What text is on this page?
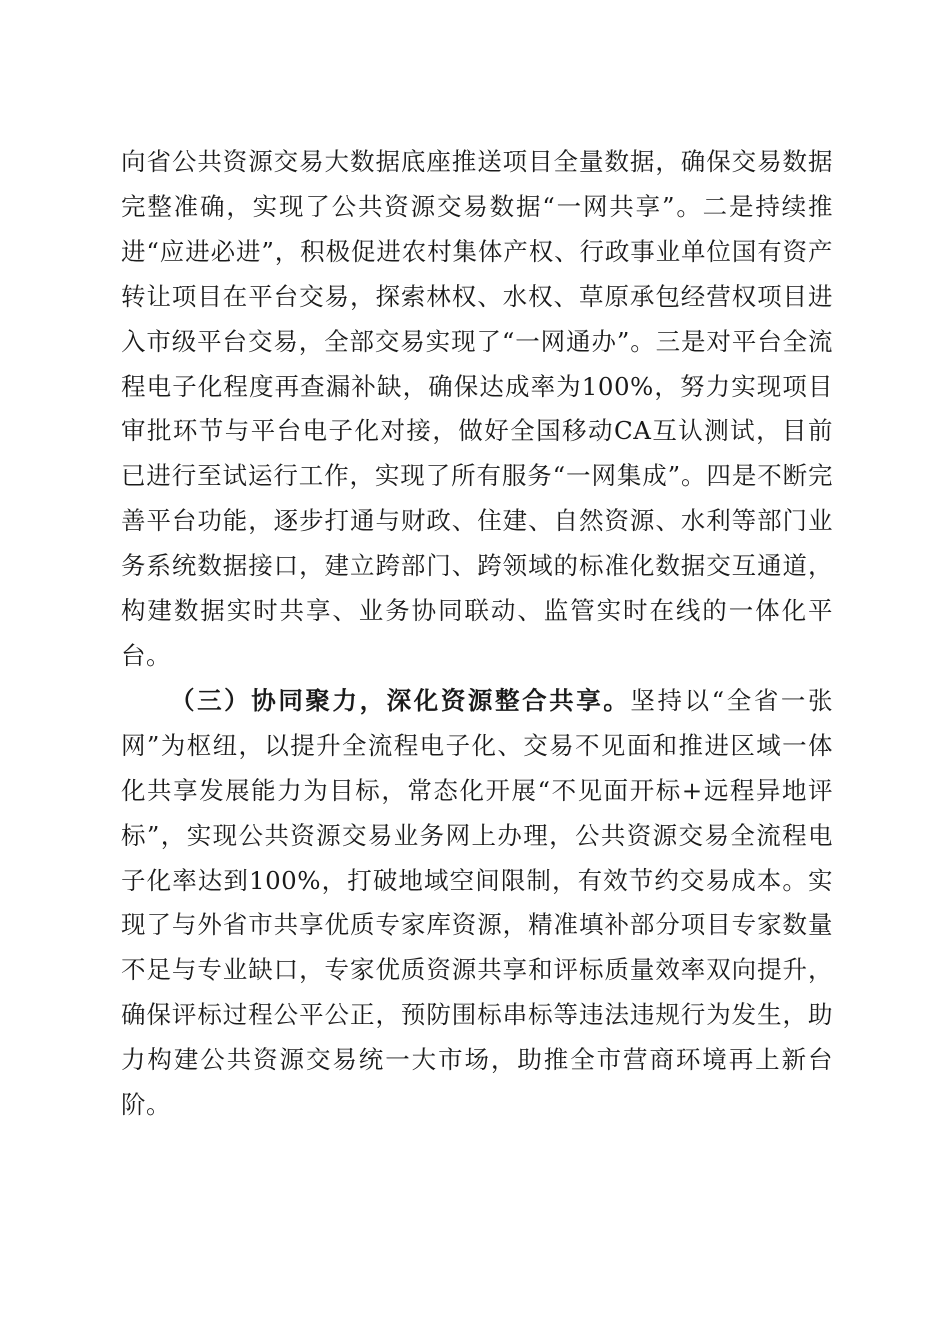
向省公共资源交易大数据底座推送项目全量数据，确保交易数据完整准确，实现了公共资源交易数据“一网共享”。二是持续推进“应进必进”，积极促进农村集体产权、行政事业单位国有资产转让项目在平台交易，探索林权、水权、草原承包经营权项目进入市级平台交易，全部交易实现了“一网通办”。三是对平台全流程电子化程度再查漏补缺，确保达成率为100%，努力实现项目审批环节与平台电子化对接，做好全国移动CA互认测试，目前已进行至试运行工作，实现了所有服务“一网集成”。四是不断完善平台功能，逐步打通与财政、住建、自然资源、水利等部门业务系统数据接口，建立跨部门、跨领域的标准化数据交互通道，构建数据实时共享、业务协同联动、监管实时在线的一体化平台。

（三）协同聚力，深化资源整合共享。坚持以“全省一张网”为枢纽，以提升全流程电子化、交易不见面和推进区域一体化共享发展能力为目标，常态化开展“不见面开标+远程异地评标”，实现公共资源交易业务网上办理，公共资源交易全流程电子化率达到100%，打破地域空间限制，有效节约交易成本。实现了与外省市共享优质专家库资源，精准填补部分项目专家数量不足与专业缺口，专家优质资源共享和评标质量效率双向提升，确保评标过程公平公正，预防围标串标等违法违规行为发生，助力构建公共资源交易统一大市场，助推全市营商环境再上新台阶。
